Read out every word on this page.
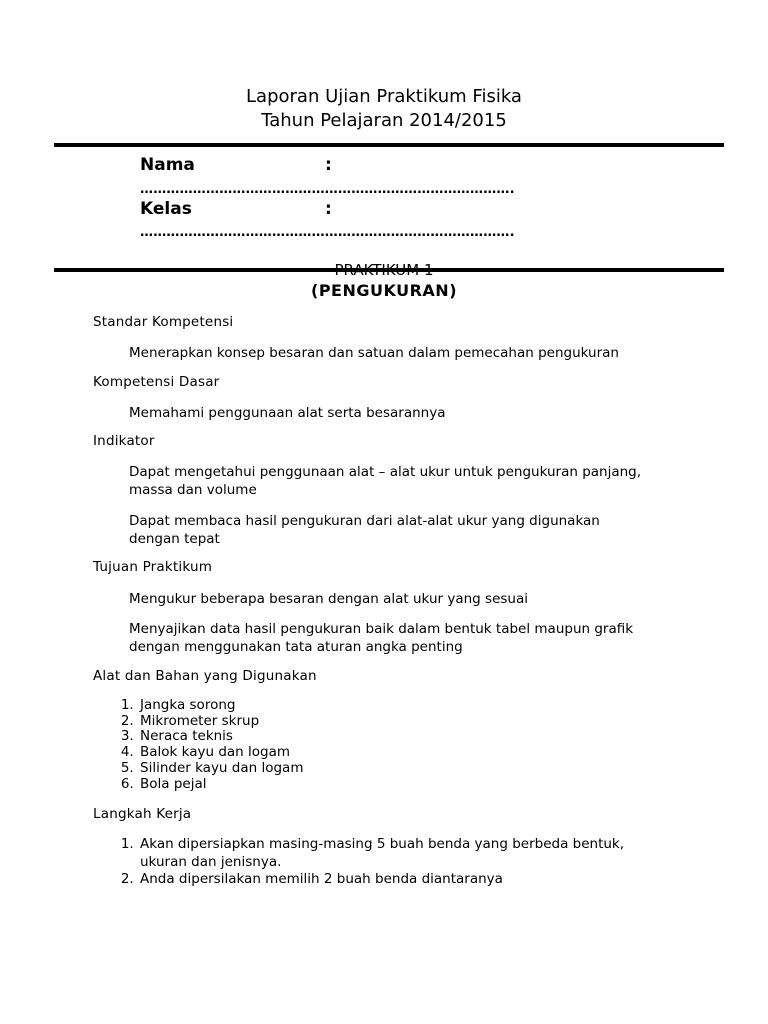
Laporan Ujian Praktikum Fisika
Tahun Pelajaran 2014/2015
Nama	:
………………………………………………………………………….
Kelas	:
………………………………………………………………………….
(PENGUKURAN)
Standar Kompetensi
Menerapkan konsep besaran dan satuan dalam pemecahan pengukuran
Kompetensi Dasar
Memahami penggunaan alat serta besarannya
Indikator
Dapat mengetahui penggunaan alat – alat ukur untuk pengukuran panjang, massa dan volume
Dapat membaca hasil pengukuran dari alat-alat ukur yang digunakan dengan tepat
Tujuan Praktikum
Mengukur beberapa besaran dengan alat ukur yang sesuai
Menyajikan data hasil pengukuran baik dalam bentuk tabel maupun grafik dengan menggunakan tata aturan angka penting
Alat dan Bahan yang Digunakan
1. Jangka sorong
2. Mikrometer skrup
3. Neraca teknis
4. Balok kayu dan logam
5. Silinder kayu dan logam
6. Bola pejal
Langkah Kerja
1. Akan dipersiapkan masing-masing 5 buah benda yang berbeda bentuk, ukuran dan jenisnya.
2. Anda dipersilakan memilih 2 buah benda diantaranya
